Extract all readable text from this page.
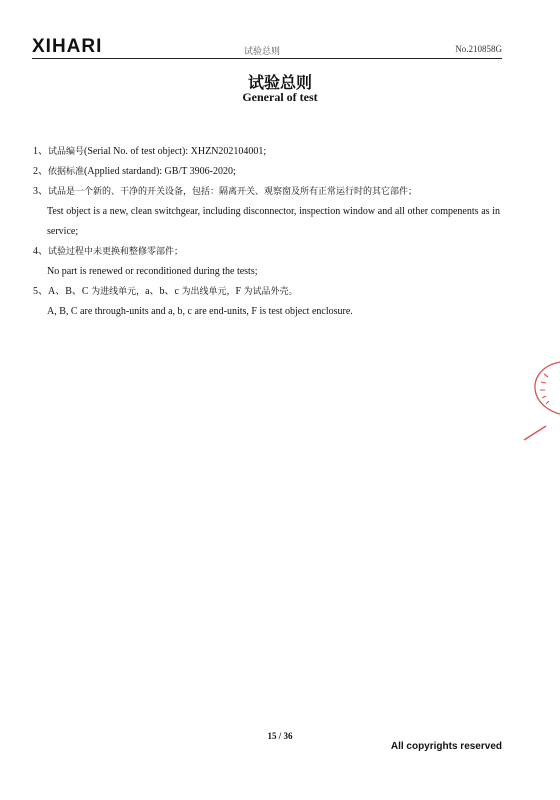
XIHARI	试验总则	No.210858G
试验总则
General of test

1、试品编号(Serial No. of test object): XHZN202104001;

2、依据标准(Applied stardand): GB/T 3906-2020;

3、试品是一个新的、干净的开关设备，包括：隔离开关、观察窗及所有正常运行时的其它部件；

Test object is a new, clean switchgear, including disconnector, inspection window and all other compenents as in service;

4、试验过程中未更换和整修零部件；

No part is renewed or reconditioned during the tests;

5、A、B、C 为进线单元，a、b、c 为出线单元，F 为试品外壳。

A, B, C are through-units and a, b, c are end-units, F is test object enclosure.

15 / 36
All copyrights reserved
